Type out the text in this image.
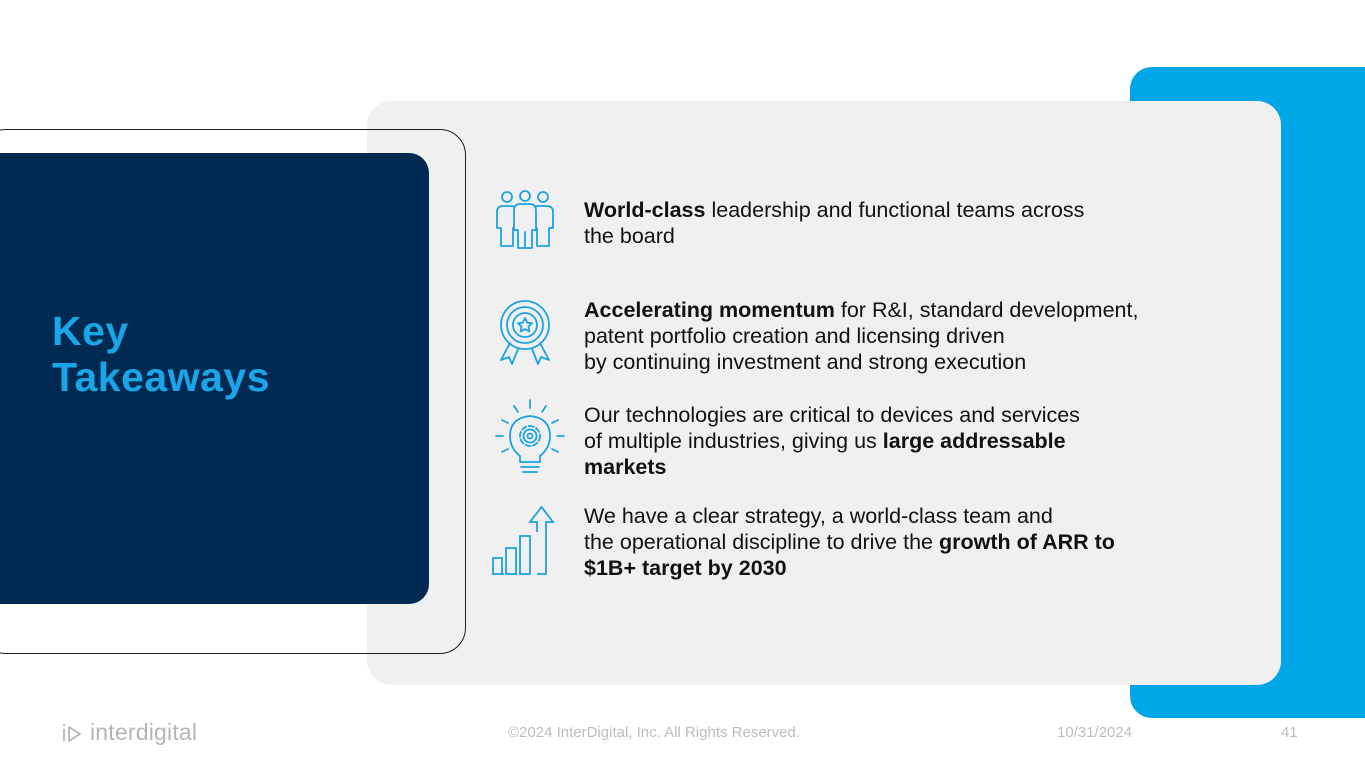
Key
Takeaways

World-class leadership and functional teams across
the board

Accelerating momentum for R&I, standard development,
patent portfolio creation and licensing driven
by continuing investment and strong execution

Our technologies are critical to devices and services
of multiple industries, giving us large addressable
markets

We have a clear strategy, a world-class team and
the operational discipline to drive the growth of ARR to
$1B+ target by 2030

interdigital	©2024 InterDigital, Inc. All Rights Reserved.	10/31/2024	41
